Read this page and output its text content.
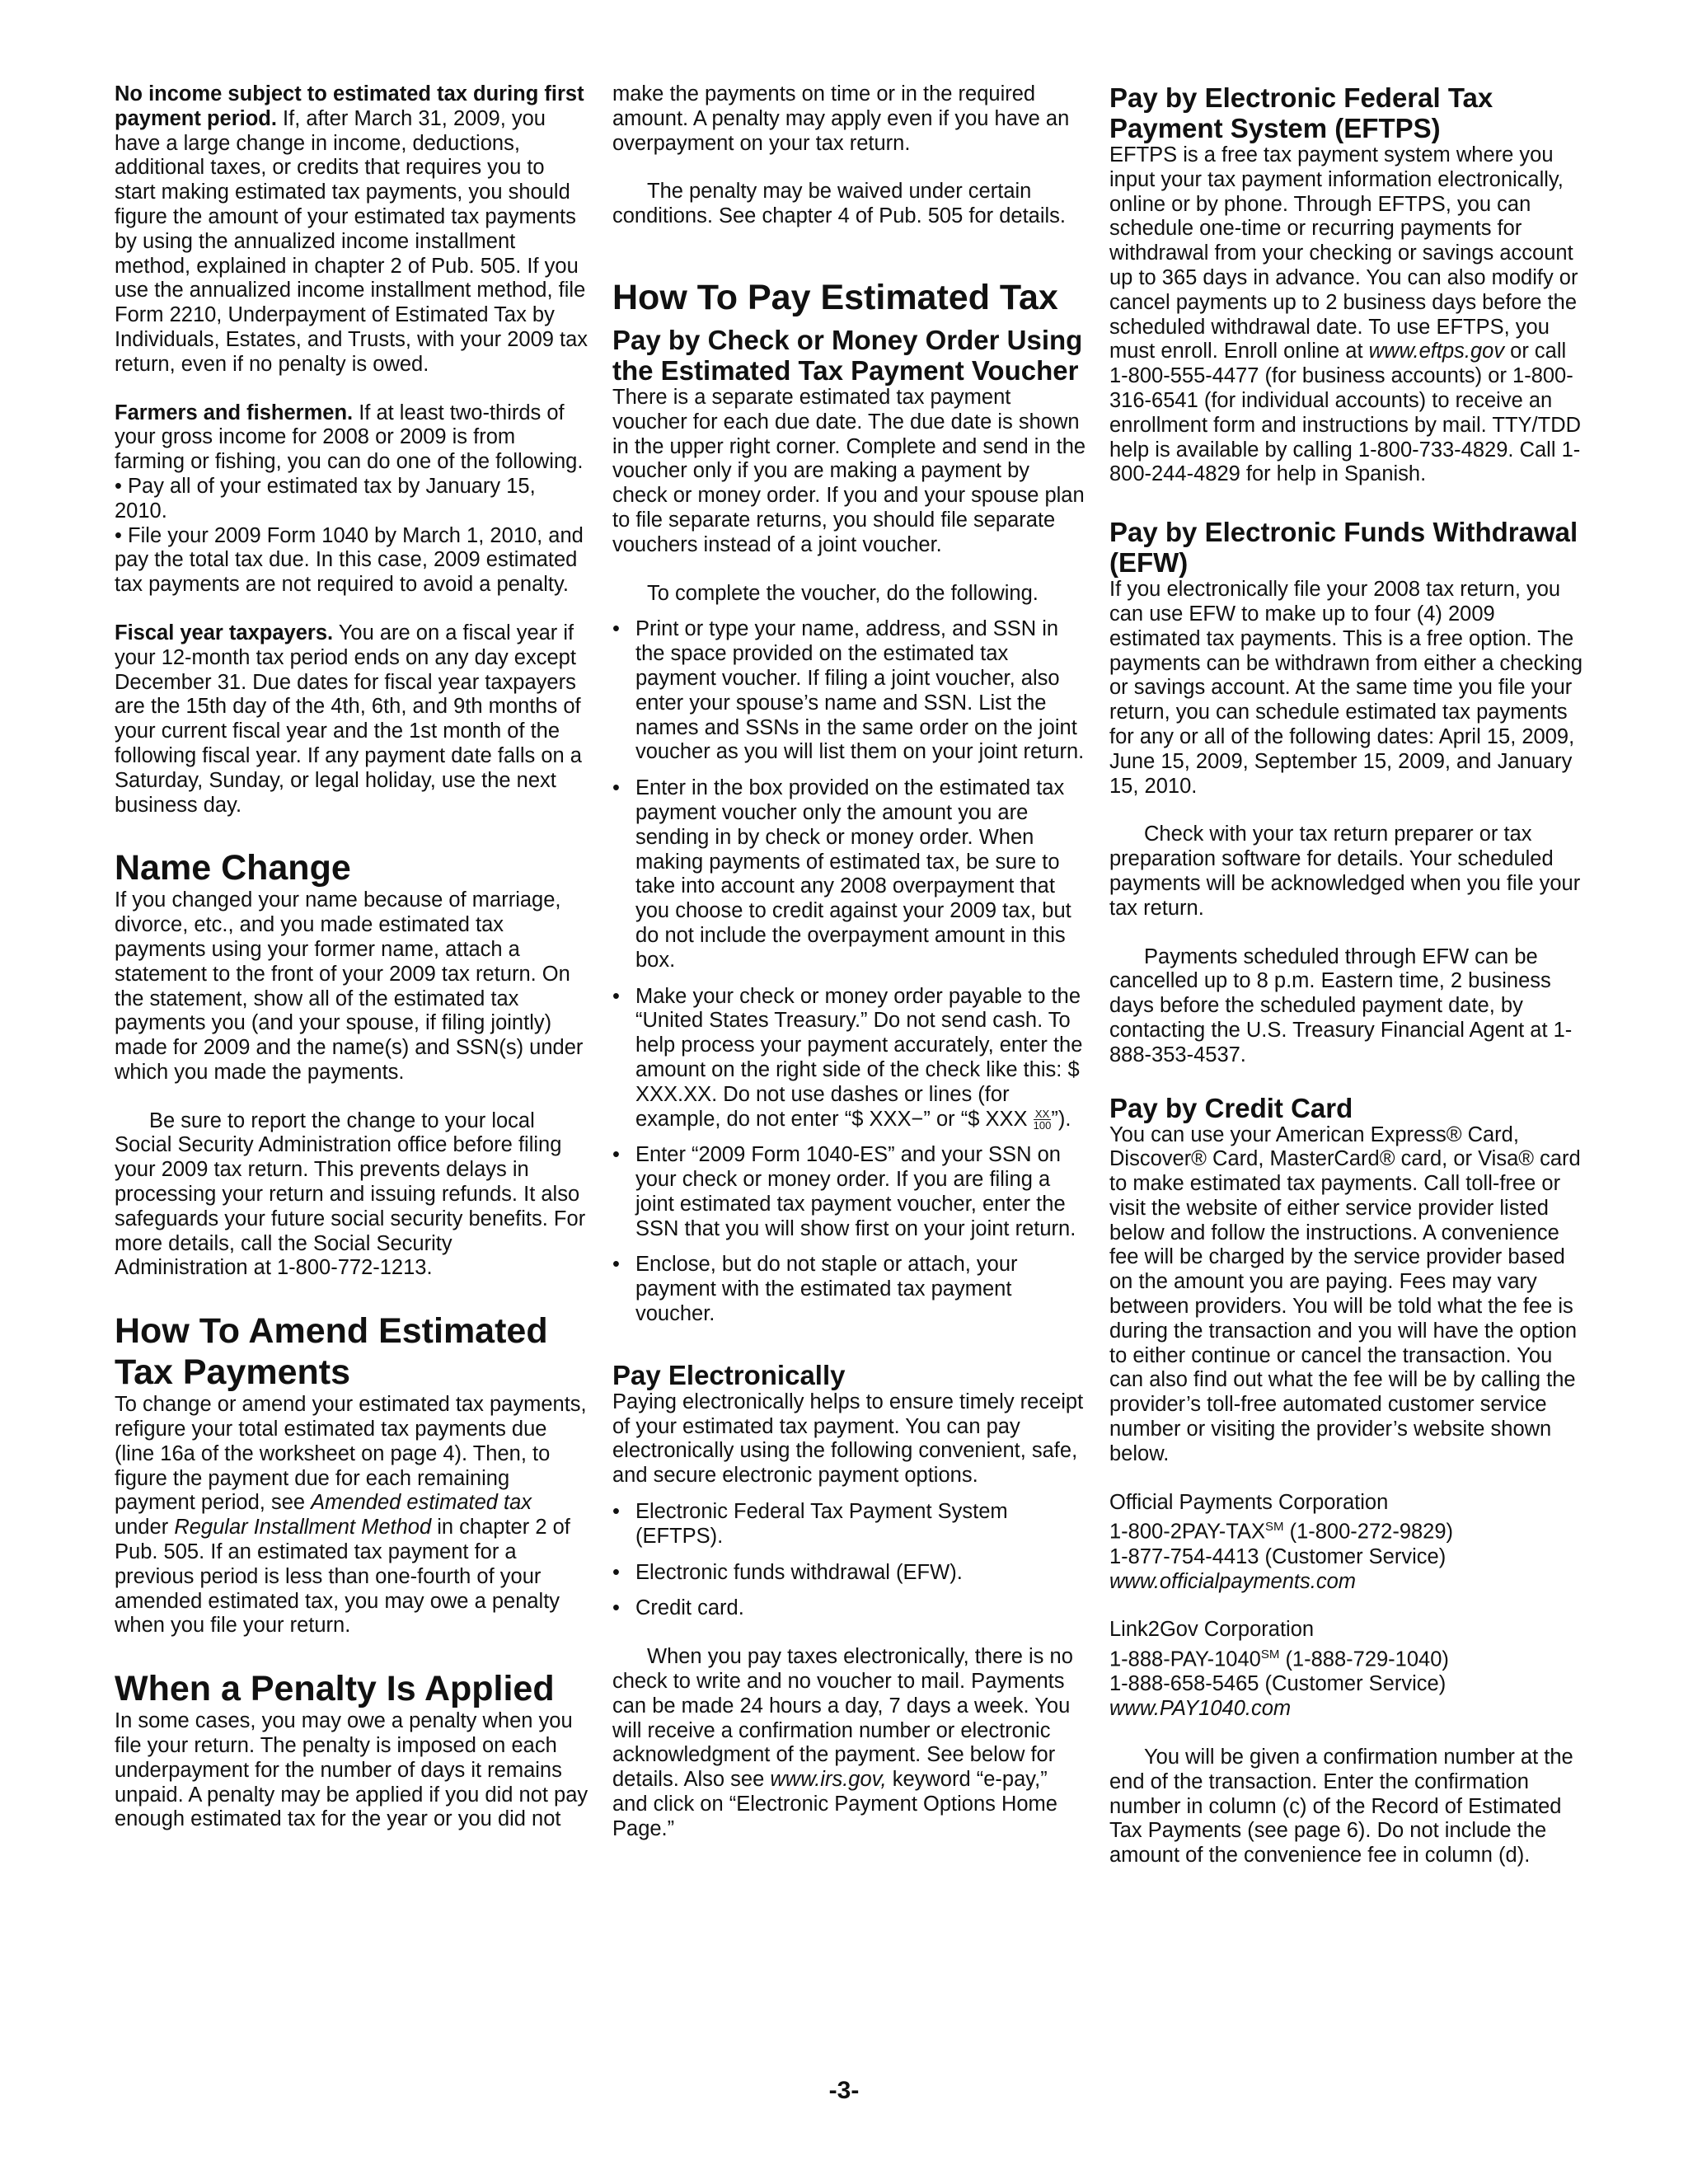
No income subject to estimated tax during first payment period. If, after March 31, 2009, you have a large change in income, deductions, additional taxes, or credits that requires you to start making estimated tax payments, you should figure the amount of your estimated tax payments by using the annualized income installment method, explained in chapter 2 of Pub. 505. If you use the annualized income installment method, file Form 2210, Underpayment of Estimated Tax by Individuals, Estates, and Trusts, with your 2009 tax return, even if no penalty is owed.

Farmers and fishermen. If at least two-thirds of your gross income for 2008 or 2009 is from farming or fishing, you can do one of the following.

• Pay all of your estimated tax by January 15, 2010.
• File your 2009 Form 1040 by March 1, 2010, and pay the total tax due. In this case, 2009 estimated tax payments are not required to avoid a penalty.

Fiscal year taxpayers. You are on a fiscal year if your 12-month tax period ends on any day except December 31. Due dates for fiscal year taxpayers are the 15th day of the 4th, 6th, and 9th months of your current fiscal year and the 1st month of the following fiscal year. If any payment date falls on a Saturday, Sunday, or legal holiday, use the next business day.

Name Change

If you changed your name because of marriage, divorce, etc., and you made estimated tax payments using your former name, attach a statement to the front of your 2009 tax return. On the statement, show all of the estimated tax payments you (and your spouse, if filing jointly) made for 2009 and the name(s) and SSN(s) under which you made the payments.

Be sure to report the change to your local Social Security Administration office before filing your 2009 tax return. This prevents delays in processing your return and issuing refunds. It also safeguards your future social security benefits. For more details, call the Social Security Administration at 1-800-772-1213.

How To Amend Estimated Tax Payments

To change or amend your estimated tax payments, refigure your total estimated tax payments due (line 16a of the worksheet on page 4). Then, to figure the payment due for each remaining payment period, see Amended estimated tax under Regular Installment Method in chapter 2 of Pub. 505. If an estimated tax payment for a previous period is less than one-fourth of your amended estimated tax, you may owe a penalty when you file your return.

When a Penalty Is Applied

In some cases, you may owe a penalty when you file your return. The penalty is imposed on each underpayment for the number of days it remains unpaid. A penalty may be applied if you did not pay enough estimated tax for the year or you did not

make the payments on time or in the required amount. A penalty may apply even if you have an overpayment on your tax return.

The penalty may be waived under certain conditions. See chapter 4 of Pub. 505 for details.

How To Pay Estimated Tax
Pay by Check or Money Order Using the Estimated Tax Payment Voucher

There is a separate estimated tax payment voucher for each due date. The due date is shown in the upper right corner. Complete and send in the voucher only if you are making a payment by check or money order. If you and your spouse plan to file separate returns, you should file separate vouchers instead of a joint voucher.

To complete the voucher, do the following.

• Print or type your name, address, and SSN in the space provided on the estimated tax payment voucher. If filing a joint voucher, also enter your spouse’s name and SSN. List the names and SSNs in the same order on the joint voucher as you will list them on your joint return.
• Enter in the box provided on the estimated tax payment voucher only the amount you are sending in by check or money order. When making payments of estimated tax, be sure to take into account any 2008 overpayment that you choose to credit against your 2009 tax, but do not include the overpayment amount in this box.
• Make your check or money order payable to the “United States Treasury.” Do not send cash. To help process your payment accurately, enter the amount on the right side of the check like this: $ XXX.XX. Do not use dashes or lines (for example, do not enter “$ XXX−” or “$ XXX $\frac{XX}{100}$ ”).
• Enter “2009 Form 1040-ES” and your SSN on your check or money order. If you are filing a joint estimated tax payment voucher, enter the SSN that you will show first on your joint return.
• Enclose, but do not staple or attach, your payment with the estimated tax payment voucher.
Pay Electronically

Paying electronically helps to ensure timely receipt of your estimated tax payment. You can pay electronically using the following convenient, safe, and secure electronic payment options.

• Electronic Federal Tax Payment System (EFTPS).
• Electronic funds withdrawal (EFW).
• Credit card.

When you pay taxes electronically, there is no check to write and no voucher to mail. Payments can be made 24 hours a day, 7 days a week. You will receive a confirmation number or electronic acknowledgment of the payment. See below for details. Also see www.irs.gov, keyword “e-pay,” and click on “Electronic Payment Options Home Page.”

Pay by Electronic Federal Tax Payment System (EFTPS)

EFTPS is a free tax payment system where you input your tax payment information electronically, online or by phone. Through EFTPS, you can schedule one-time or recurring payments for withdrawal from your checking or savings account up to 365 days in advance. You can also modify or cancel payments up to 2 business days before the scheduled withdrawal date. To use EFTPS, you must enroll. Enroll online at www.eftps.gov or call 1-800-555-4477 (for business accounts) or 1-800-316-6541 (for individual accounts) to receive an enrollment form and instructions by mail. TTY/TDD help is available by calling 1-800-733-4829. Call 1-800-244-4829 for help in Spanish.

Pay by Electronic Funds Withdrawal (EFW)

If you electronically file your 2008 tax return, you can use EFW to make up to four (4) 2009 estimated tax payments. This is a free option. The payments can be withdrawn from either a checking or savings account. At the same time you file your return, you can schedule estimated tax payments for any or all of the following dates: April 15, 2009, June 15, 2009, September 15, 2009, and January 15, 2010.

Check with your tax return preparer or tax preparation software for details. Your scheduled payments will be acknowledged when you file your tax return.

Payments scheduled through EFW can be cancelled up to 8 p.m. Eastern time, 2 business days before the scheduled payment date, by contacting the U.S. Treasury Financial Agent at 1-888-353-4537.

Pay by Credit Card

You can use your American Express® Card, Discover® Card, MasterCard® card, or Visa® card to make estimated tax payments. Call toll-free or visit the website of either service provider listed below and follow the instructions. A convenience fee will be charged by the service provider based on the amount you are paying. Fees may vary between providers. You will be told what the fee is during the transaction and you will have the option to either continue or cancel the transaction. You can also find out what the fee will be by calling the provider’s toll-free automated customer service number or visiting the provider’s website shown below.

Official Payments Corporation

1-800-2PAY-TAX℠ (1-800-272-9829)

1-877-754-4413 (Customer Service)

www.officialpayments.com

Link2Gov Corporation

1-888-PAY-1040℠ (1-888-729-1040)

1-888-658-5465 (Customer Service)

www.PAY1040.com

You will be given a confirmation number at the end of the transaction. Enter the confirmation number in column (c) of the Record of Estimated Tax Payments (see page 6). Do not include the amount of the convenience fee in column (d).

-3-
